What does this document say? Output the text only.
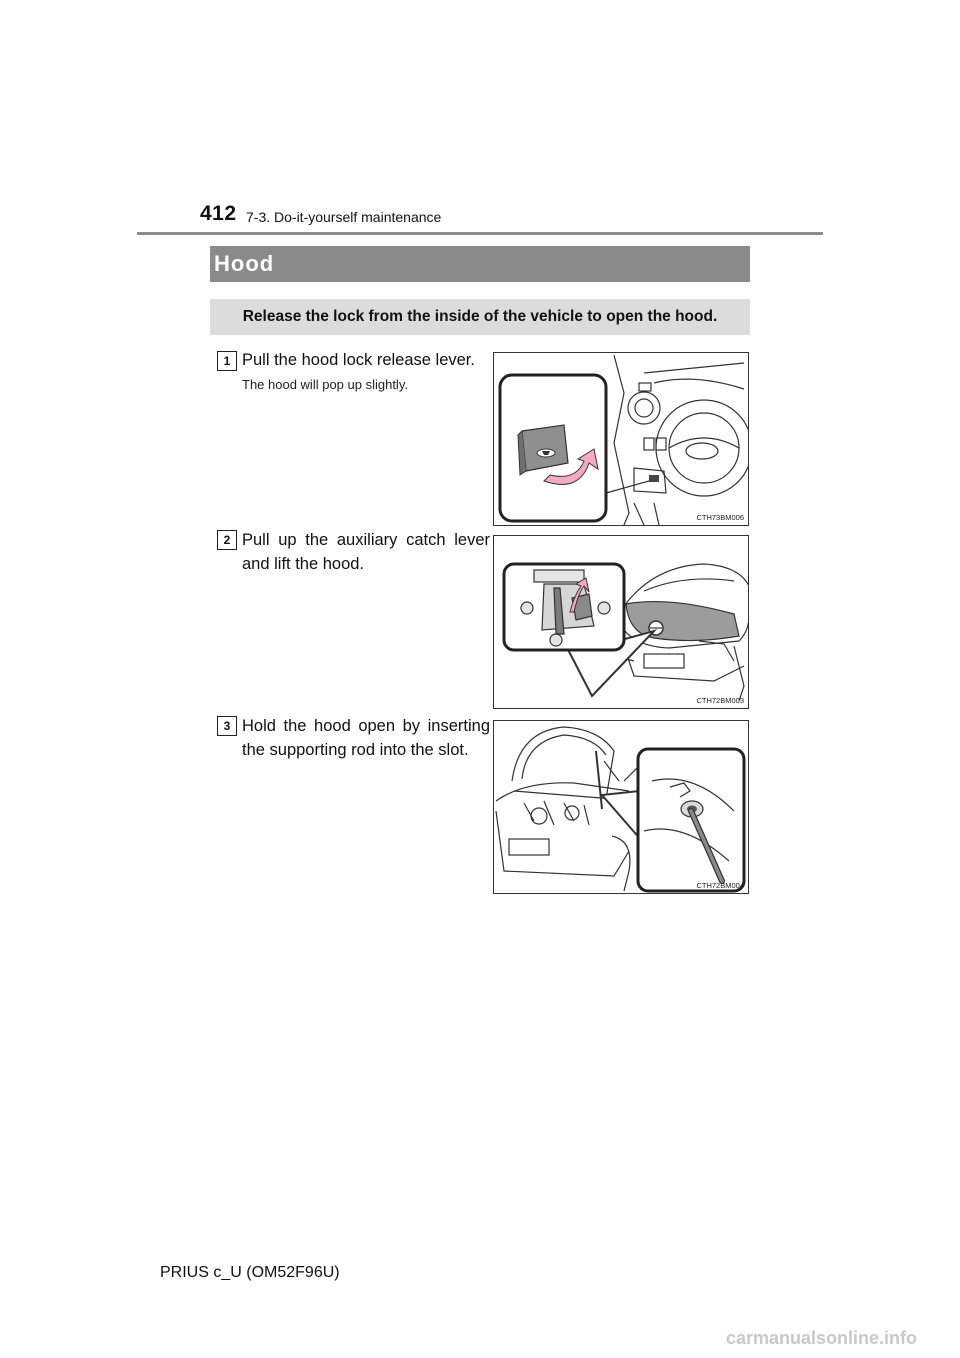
412 7-3. Do-it-yourself maintenance
Hood
Release the lock from the inside of the vehicle to open the hood.
1 Pull the hood lock release lever.
The hood will pop up slightly.
CTH73BM006
2 Pull up the auxiliary catch lever and lift the hood.
CTH72BM003
3 Hold the hood open by inserting the supporting rod into the slot.
CTH72BM004
PRIUS c_U (OM52F96U)
carmanualsonline.info
